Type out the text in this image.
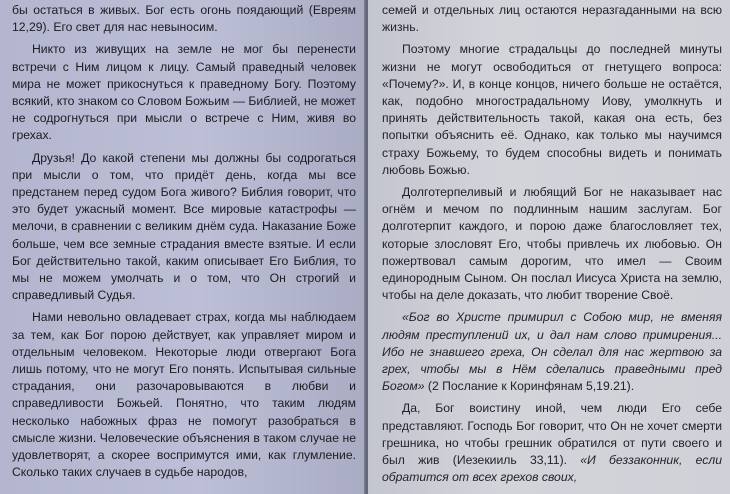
бы остаться в живых. Бог есть огонь поядающий (Евреям 12,29). Его свет для нас невыносим.

Никто из живущих на земле не мог бы перенести встречи с Ним лицом к лицу. Самый праведный человек мира не может прикоснуться к праведному Богу. Поэтому всякий, кто знаком со Словом Божьим — Библией, не может не содрогнуться при мысли о встрече с Ним, живя во грехах.

Друзья! До какой степени мы должны бы содрогаться при мысли о том, что придёт день, когда мы все предстанем перед судом Бога живого? Библия говорит, что это будет ужасный момент. Все мировые катастрофы — мелочи, в сравнении с великим днём суда. Наказание Боже больше, чем все земные страдания вместе взятые. И если Бог действительно такой, каким описывает Его Библия, то мы не можем умолчать и о том, что Он строгий и справедливый Судья.

Нами невольно овладевает страх, когда мы наблюдаем за тем, как Бог порою действует, как управляет миром и отдельным человеком. Некоторые люди отвергают Бога лишь потому, что не могут Его понять. Испытывая сильные страдания, они разочаровываются в любви и справедливости Божьей. Понятно, что таким людям несколько набожных фраз не помогут разобраться в смысле жизни. Человеческие объяснения в таком случае не удовлетворят, а скорее воспримутся ими, как глумление. Сколько таких случаев в судьбе народов,

семей и отдельных лиц остаются неразгаданными на всю жизнь.

Поэтому многие страдальцы до последней минуты жизни не могут освободиться от гнетущего вопроса: «Почему?». И, в конце концов, ничего больше не остаётся, как, подобно многострадальному Иову, умолкнуть и принять действительность такой, какая она есть, без попытки объяснить её. Однако, как только мы научимся страху Божьему, то будем способны видеть и понимать любовь Божью.

Долготерпеливый и любящий Бог не наказывает нас огнём и мечом по подлинным нашим заслугам. Бог долготерпит каждого, и порою даже благословляет тех, которые злословят Его, чтобы привлечь их любовью. Он пожертвовал самым дорогим, что имел — Своим единородным Сыном. Он послал Иисуса Христа на землю, чтобы на деле доказать, что любит творение Своё.

«Бог во Христе примирил с Собою мир, не вменяя людям преступлений их, и дал нам слово примирения... Ибо не знавшего греха, Он сделал для нас жертвою за грех, чтобы мы в Нём сделались праведными пред Богом» (2 Послание к Коринфянам 5,19.21).

Да, Бог воистину иной, чем люди Его себе представляют. Господь Бог говорит, что Он не хочет смерти грешника, но чтобы грешник обратился от пути своего и был жив (Иезекииль 33,11). «И беззаконник, если обратится от всех грехов своих,
